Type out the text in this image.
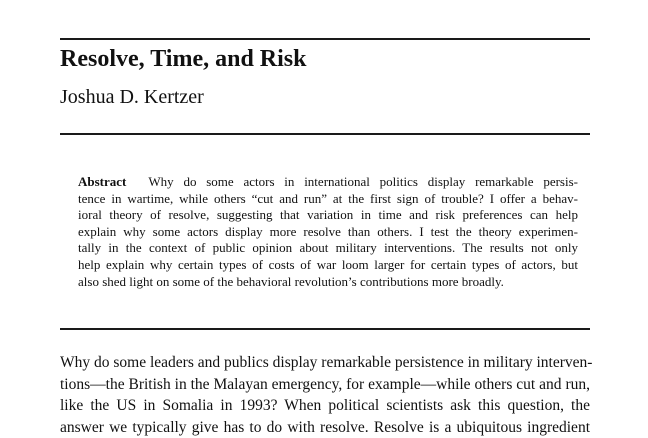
Resolve, Time, and Risk
Joshua D. Kertzer
Abstract Why do some actors in international politics display remarkable persis-
tence in wartime, while others “cut and run” at the first sign of trouble? I offer a behav-
ioral theory of resolve, suggesting that variation in time and risk preferences can help
explain why some actors display more resolve than others. I test the theory experimen-
tally in the context of public opinion about military interventions. The results not only
help explain why certain types of costs of war loom larger for certain types of actors, but
also shed light on some of the behavioral revolution’s contributions more broadly.
Why do some leaders and publics display remarkable persistence in military interven-
tions—the British in the Malayan emergency, for example—while others cut and run,
like the US in Somalia in 1993? When political scientists ask this question, the
answer we typically give has to do with resolve. Resolve is a ubiquitous ingredient
